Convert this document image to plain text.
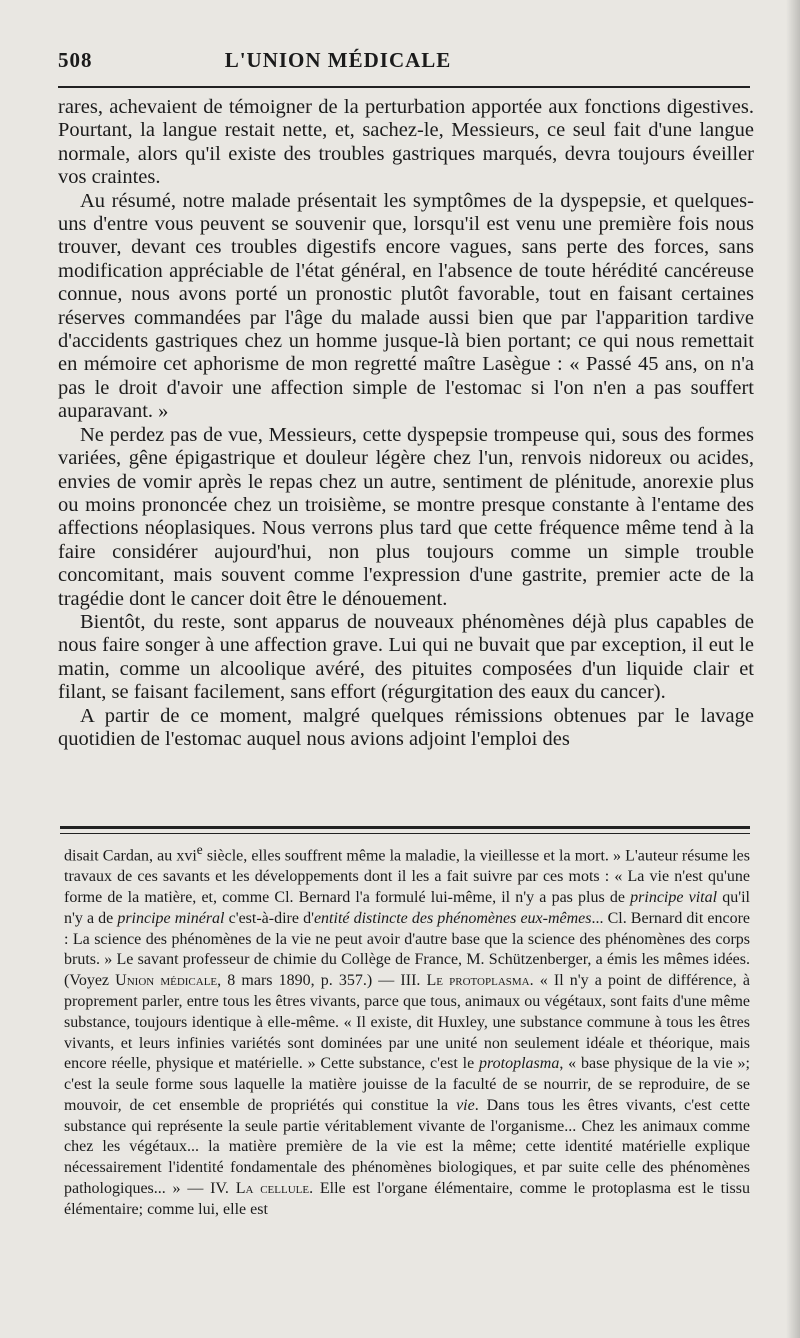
508	L'UNION MÉDICALE

rares, achevaient de témoigner de la perturbation apportée aux fonctions digestives. Pourtant, la langue restait nette, et, sachez-le, Messieurs, ce seul fait d'une langue normale, alors qu'il existe des troubles gastriques marqués, devra toujours éveiller vos craintes.

Au résumé, notre malade présentait les symptômes de la dyspepsie, et quelques-uns d'entre vous peuvent se souvenir que, lorsqu'il est venu une première fois nous trouver, devant ces troubles digestifs encore vagues, sans perte des forces, sans modification appréciable de l'état général, en l'absence de toute hérédité cancéreuse connue, nous avons porté un pronostic plutôt favorable, tout en faisant certaines réserves commandées par l'âge du malade aussi bien que par l'apparition tardive d'accidents gastriques chez un homme jusque-là bien portant; ce qui nous remettait en mémoire cet aphorisme de mon regretté maître Lasègue : « Passé 45 ans, on n'a pas le droit d'avoir une affection simple de l'estomac si l'on n'en a pas souffert auparavant. »

Ne perdez pas de vue, Messieurs, cette dyspepsie trompeuse qui, sous des formes variées, gêne épigastrique et douleur légère chez l'un, renvois nidoreux ou acides, envies de vomir après le repas chez un autre, sentiment de plénitude, anorexie plus ou moins prononcée chez un troisième, se montre presque constante à l'entame des affections néoplasiques. Nous verrons plus tard que cette fréquence même tend à la faire considérer aujourd'hui, non plus toujours comme un simple trouble concomitant, mais souvent comme l'expression d'une gastrite, premier acte de la tragédie dont le cancer doit être le dénouement.

Bientôt, du reste, sont apparus de nouveaux phénomènes déjà plus capables de nous faire songer à une affection grave. Lui qui ne buvait que par exception, il eut le matin, comme un alcoolique avéré, des pituites composées d'un liquide clair et filant, se faisant facilement, sans effort (régurgitation des eaux du cancer).

A partir de ce moment, malgré quelques rémissions obtenues par le lavage quotidien de l'estomac auquel nous avions adjoint l'emploi des

disait Cardan, au xvi$^e$ siècle, elles souffrent même la maladie, la vieillesse et la mort. » L'auteur résume les travaux de ces savants et les développements dont il les a fait suivre par ces mots : « La vie n'est qu'une forme de la matière, et, comme Cl. Bernard l'a formulé lui-même, il n'y a pas plus de principe vital qu'il n'y a de principe minéral c'est-à-dire d'entité distincte des phénomènes eux-mêmes... Cl. Bernard dit encore : La science des phénomènes de la vie ne peut avoir d'autre base que la science des phénomènes des corps bruts. » Le savant professeur de chimie du Collège de France, M. Schützenberger, a émis les mêmes idées. (Voyez Union médicale, 8 mars 1890, p. 357.) — III. Le protoplasma. « Il n'y a point de différence, à proprement parler, entre tous les êtres vivants, parce que tous, animaux ou végétaux, sont faits d'une même substance, toujours identique à elle-même. « Il existe, dit Huxley, une substance commune à tous les êtres vivants, et leurs infinies variétés sont dominées par une unité non seulement idéale et théorique, mais encore réelle, physique et matérielle. » Cette substance, c'est le protoplasma, « base physique de la vie »; c'est la seule forme sous laquelle la matière jouisse de la faculté de se nourrir, de se reproduire, de se mouvoir, de cet ensemble de propriétés qui constitue la vie. Dans tous les êtres vivants, c'est cette substance qui représente la seule partie véritablement vivante de l'organisme... Chez les animaux comme chez les végétaux... la matière première de la vie est la même; cette identité matérielle explique nécessairement l'identité fondamentale des phénomènes biologiques, et par suite celle des phénomènes pathologiques... » — IV. La cellule. Elle est l'organe élémentaire, comme le protoplasma est le tissu élémentaire; comme lui, elle est
